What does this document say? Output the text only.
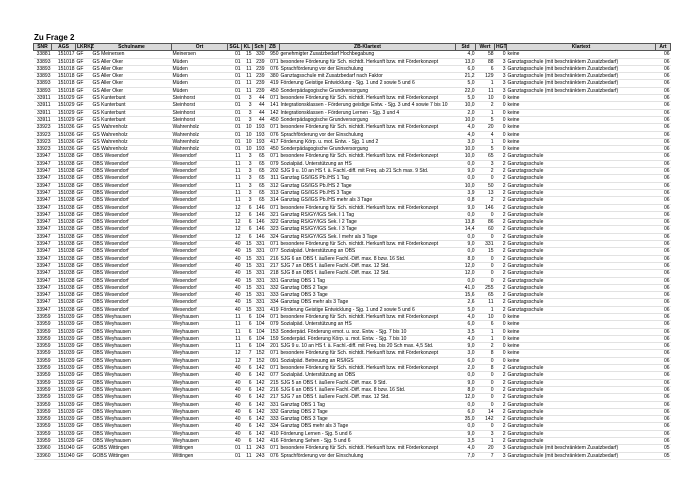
Zu Frage 2
SNR	AGS	LKRKZ	Schulname	Ort	SGL	KL	Sch	ZB	ZB-Klartext	Std	Wert	HGT	Klartext	Art
33881	151017	GF	GS Meinersen	Meinersen	01	15	330	950	genehmigter Zusatzbedarf Hochbegabung	4,0	58	0	keine	06
33893	151018	GF	GS Aller Oker	Müden	01	11	239	071	besondere Förderung für Sch. nichtdt. Herkunft bzw. mit Förderkonzept	13,0	88	3	Ganztagsschule (mit beschränktem Zusatzbedarf)	06
33893	151018	GF	GS Aller Oker	Müden	01	11	239	076	Sprachförderung vor der Einschulung	6,0	6	3	Ganztagsschule (mit beschränktem Zusatzbedarf)	06
33893	151018	GF	GS Aller Oker	Müden	01	11	239	380	Ganztagsschule mit Zusatzbedarf nach Faktor	21,2	129	3	Ganztagsschule (mit beschränktem Zusatzbedarf)	06
33893	151018	GF	GS Aller Oker	Müden	01	11	239	419	Förderung Geistige Entwicklung - Sjg. 1 und 2 sowie 5 und 6	5,0	1	3	Ganztagsschule (mit beschränktem Zusatzbedarf)	06
33893	151018	GF	GS Aller Oker	Müden	01	11	239	450	Sonderpädagogische Grundversorgung	22,0	11	3	Ganztagsschule (mit beschränktem Zusatzbedarf)	06
33911	151029	GF	GS Kunterbunt	Steinhorst	01	3	44	071	besondere Förderung für Sch. nichtdt. Herkunft bzw. mit Förderkonzept	5,0	10	0	keine	06
33911	151029	GF	GS Kunterbunt	Steinhorst	01	3	44	141	Integrationsklassen - Förderung geistige Entw. - Sjg. 3 und 4 sowie 7 bis 10	10,0	2	0	keine	06
33911	151029	GF	GS Kunterbunt	Steinhorst	01	3	44	142	Integrationsklassen - Förderung Lernen - Sjg. 3 und 4	2,0	1	0	keine	06
33911	151029	GF	GS Kunterbunt	Steinhorst	01	3	44	450	Sonderpädagogische Grundversorgung	10,0	5	0	keine	06
33923	151036	GF	GS Wahrenholz	Wahrenholz	01	10	193	071	besondere Förderung für Sch. nichtdt. Herkunft bzw. mit Förderkonzept	4,0	20	0	keine	06
33923	151036	GF	GS Wahrenholz	Wahrenholz	01	10	193	076	Sprachförderung vor der Einschulung	4,0	4	0	keine	06
33923	151036	GF	GS Wahrenholz	Wahrenholz	01	10	193	417	Förderung Körp. u. mot. Entw. - Sjg. 1 und 2	3,0	1	0	keine	06
33923	151036	GF	GS Wahrenholz	Wahrenholz	01	10	193	450	Sonderpädagogische Grundversorgung	10,0	5	0	keine	06
33947	151038	GF	OBS Wesendorf	Wesendorf	11	3	65	071	besondere Förderung für Sch. nichtdt. Herkunft bzw. mit Förderkonzept	10,0	65	2	Ganztagsschule	06
33947	151038	GF	OBS Wesendorf	Wesendorf	11	3	65	079	Sozialpäd. Unterstützung an HS	0,0	3	2	Ganztagsschule	06
33947	151038	GF	OBS Wesendorf	Wesendorf	11	3	65	202	SJG 9 u. 10 an HS f. ä. Fachl.-diff. mit Freq. ab 21 Sch max. 9 Std.	9,0	2	2	Ganztagsschule	06
33947	151038	GF	OBS Wesendorf	Wesendorf	11	3	65	311	Ganztag GS/IGS Pb./HS 1 Tag	0,0	0	2	Ganztagsschule	06
33947	151038	GF	OBS Wesendorf	Wesendorf	11	3	65	312	Ganztag GS/IGS Pb./HS 2 Tage	10,0	50	2	Ganztagsschule	06
33947	151038	GF	OBS Wesendorf	Wesendorf	11	3	65	313	Ganztag GS/IGS Pb./HS 3 Tage	3,9	13	2	Ganztagsschule	06
33947	151038	GF	OBS Wesendorf	Wesendorf	11	3	65	314	Ganztag GS/IGS Pb./HS mehr als 3 Tage	0,8	2	2	Ganztagsschule	06
33947	151038	GF	OBS Wesendorf	Wesendorf	12	6	146	071	besondere Förderung für Sch. nichtdt. Herkunft bzw. mit Förderkonzept	9,0	146	2	Ganztagsschule	06
33947	151038	GF	OBS Wesendorf	Wesendorf	12	6	146	321	Ganztag RS/GY/IGS Sek. I 1 Tag	0,0	0	2	Ganztagsschule	06
33947	151038	GF	OBS Wesendorf	Wesendorf	12	6	146	322	Ganztag RS/GY/IGS Sek. I 2 Tage	13,8	86	2	Ganztagsschule	06
33947	151038	GF	OBS Wesendorf	Wesendorf	12	6	146	323	Ganztag RS/GY/IGS Sek. I 3 Tage	14,4	60	2	Ganztagsschule	06
33947	151038	GF	OBS Wesendorf	Wesendorf	12	6	146	324	Ganztag RS/GY/IGS Sek. I mehr als 3 Tage	0,0	0	2	Ganztagsschule	06
33947	151038	GF	OBS Wesendorf	Wesendorf	40	15	331	071	besondere Förderung für Sch. nichtdt. Herkunft bzw. mit Förderkonzept	9,0	331	2	Ganztagsschule	06
33947	151038	GF	OBS Wesendorf	Wesendorf	40	15	331	077	Sozialpäd. Unterstützung an OBS	0,0	15	2	Ganztagsschule	06
33947	151038	GF	OBS Wesendorf	Wesendorf	40	15	331	216	SJG 6 an OBS f. äußere Fachl.-Diff. max. 8 bzw. 16 Std.	8,0	0	2	Ganztagsschule	06
33947	151038	GF	OBS Wesendorf	Wesendorf	40	15	331	217	SJG 7 an OBS f. äußere Fachl.-Diff. max. 12 Std.	12,0	0	2	Ganztagsschule	06
33947	151038	GF	OBS Wesendorf	Wesendorf	40	15	331	218	SJG 8 an OBS f. äußere Fachl.-Diff. max. 12 Std.	12,0	0	2	Ganztagsschule	06
33947	151038	GF	OBS Wesendorf	Wesendorf	40	15	331	331	Ganztag OBS 1 Tag	0,0	0	2	Ganztagsschule	06
33947	151038	GF	OBS Wesendorf	Wesendorf	40	15	331	332	Ganztag OBS 2 Tage	41,0	255	2	Ganztagsschule	06
33947	151038	GF	OBS Wesendorf	Wesendorf	40	15	331	333	Ganztag OBS 3 Tage	15,6	65	2	Ganztagsschule	06
33947	151038	GF	OBS Wesendorf	Wesendorf	40	15	331	334	Ganztag OBS mehr als 3 Tage	2,6	11	2	Ganztagsschule	06
33947	151038	GF	OBS Wesendorf	Wesendorf	40	15	331	419	Förderung Geistige Entwicklung - Sjg. 1 und 2 sowie 5 und 6	5,0	1	2	Ganztagsschule	06
33959	151039	GF	OBS Weyhausen	Weyhausen	11	6	104	071	besondere Förderung für Sch. nichtdt. Herkunft bzw. mit Förderkonzept	4,0	10	0	keine	06
33959	151039	GF	OBS Weyhausen	Weyhausen	11	6	104	079	Sozialpäd. Unterstützung an HS	6,0	6	0	keine	06
33959	151039	GF	OBS Weyhausen	Weyhausen	11	6	104	153	Sonderpäd. Förderung emot. u. soz. Entw. - Sjg. 7 bis 10	3,5	1	0	keine	06
33959	151039	GF	OBS Weyhausen	Weyhausen	11	6	104	159	Sonderpäd. Förderung Körp. u. mot. Entw. - Sjg. 7 bis 10	4,0	1	0	keine	06
33959	151039	GF	OBS Weyhausen	Weyhausen	11	6	104	201	SJG 9 u. 10 an HS f. ä. Fachl.-diff. mit Freq. bis 20 Sch max. 4,5 Std.	9,0	2	0	keine	06
33959	151039	GF	OBS Weyhausen	Weyhausen	12	7	152	071	besondere Förderung für Sch. nichtdt. Herkunft bzw. mit Förderkonzept	3,0	8	0	keine	06
33959	151039	GF	OBS Weyhausen	Weyhausen	12	7	152	091	Sozialpäd. Betreuung an RS/IGS	6,0	0	0	keine	06
33959	151039	GF	OBS Weyhausen	Weyhausen	40	6	142	071	besondere Förderung für Sch. nichtdt. Herkunft bzw. mit Förderkonzept	2,0	8	2	Ganztagsschule	06
33959	151039	GF	OBS Weyhausen	Weyhausen	40	6	142	077	Sozialpäd. Unterstützung an OBS	0,0	0	2	Ganztagsschule	06
33959	151039	GF	OBS Weyhausen	Weyhausen	40	6	142	215	SJG 5 an OBS f. äußere Fachl.-Diff. max. 9 Std.	9,0	0	2	Ganztagsschule	06
33959	151039	GF	OBS Weyhausen	Weyhausen	40	6	142	216	SJG 6 an OBS f. äußere Fachl.-Diff. max. 8 bzw. 16 Std.	8,0	0	2	Ganztagsschule	06
33959	151039	GF	OBS Weyhausen	Weyhausen	40	6	142	217	SJG 7 an OBS f. äußere Fachl.-Diff. max. 12 Std.	12,0	0	2	Ganztagsschule	06
33959	151039	GF	OBS Weyhausen	Weyhausen	40	6	142	331	Ganztag OBS 1 Tag	0,0	0	2	Ganztagsschule	06
33959	151039	GF	OBS Weyhausen	Weyhausen	40	6	142	332	Ganztag OBS 2 Tage	6,0	14	2	Ganztagsschule	06
33959	151039	GF	OBS Weyhausen	Weyhausen	40	6	142	333	Ganztag OBS 3 Tage	35,0	142	2	Ganztagsschule	06
33959	151039	GF	OBS Weyhausen	Weyhausen	40	6	142	334	Ganztag OBS mehr als 3 Tage	0,0	0	2	Ganztagsschule	06
33959	151039	GF	OBS Weyhausen	Weyhausen	40	6	142	410	Förderung Lernen - Sjg. 5 und 6	9,0	3	2	Ganztagsschule	06
33959	151039	GF	OBS Weyhausen	Weyhausen	40	6	142	416	Förderung Sehen - Sjg. 5 und 6	3,5	1	2	Ganztagsschule	06
33960	151040	GF	GOBS Wittingen	Wittingen	01	11	243	071	besondere Förderung für Sch. nichtdt. Herkunft bzw. mit Förderkonzept	4,0	20	3	Ganztagsschule (mit beschränktem Zusatzbedarf)	05
33960	151040	GF	GOBS Wittingen	Wittingen	01	11	243	076	Sprachförderung vor der Einschulung	7,0	7	3	Ganztagsschule (mit beschränktem Zusatzbedarf)	05
